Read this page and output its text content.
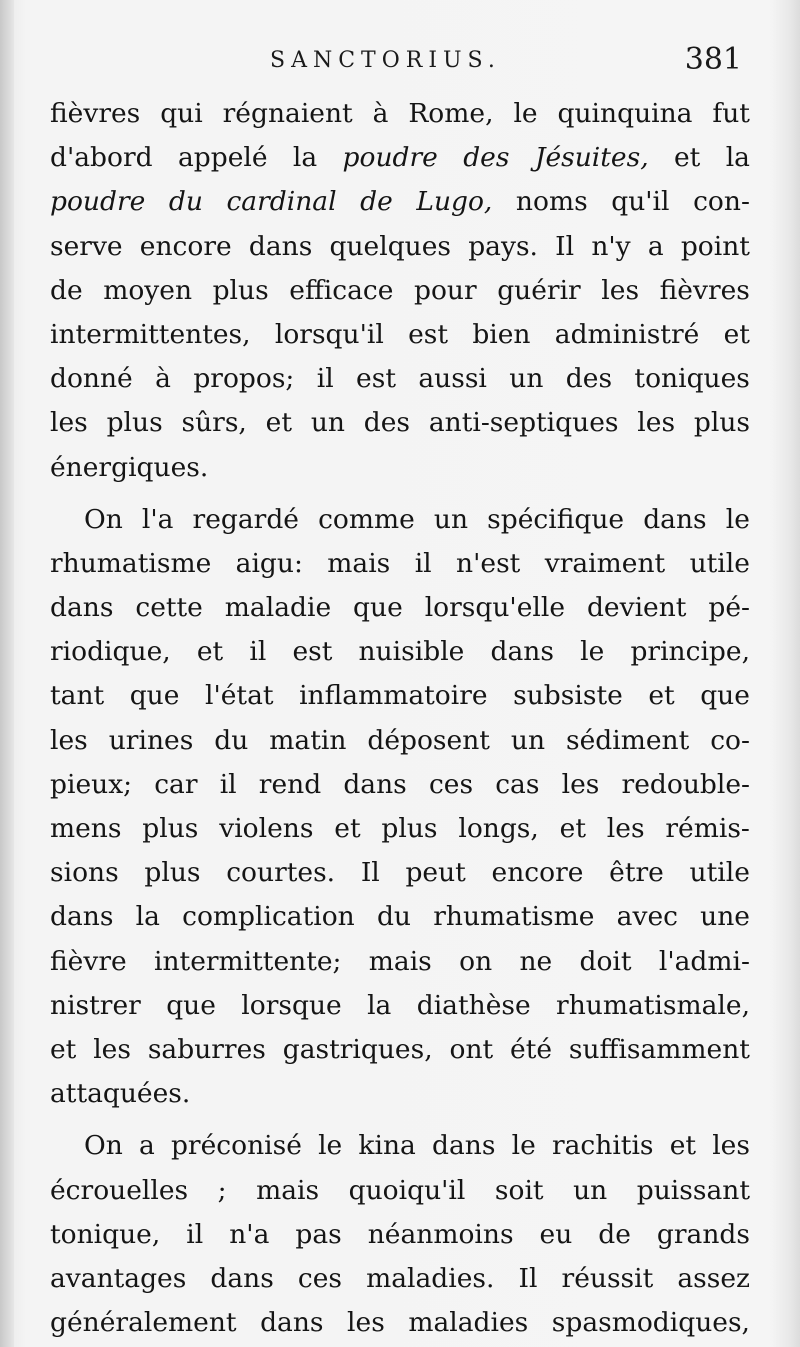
SANCTORIUS.	381
fièvres qui régnaient à Rome, le quinquina fut
d'abord appelé la poudre des Jésuites, et la
poudre du cardinal de Lugo, noms qu'il con-
serve encore dans quelques pays. Il n'y a point
de moyen plus efficace pour guérir les fièvres
intermittentes, lorsqu'il est bien administré et
donné à propos; il est aussi un des toniques
les plus sûrs, et un des anti-septiques les plus
énergiques.
On l'a regardé comme un spécifique dans le
rhumatisme aigu: mais il n'est vraiment utile
dans cette maladie que lorsqu'elle devient pé-
riodique, et il est nuisible dans le principe,
tant que l'état inflammatoire subsiste et que
les urines du matin déposent un sédiment co-
pieux; car il rend dans ces cas les redouble-
mens plus violens et plus longs, et les rémis-
sions plus courtes. Il peut encore être utile
dans la complication du rhumatisme avec une
fièvre intermittente; mais on ne doit l'admi-
nistrer que lorsque la diathèse rhumatismale,
et les saburres gastriques, ont été suffisamment
attaquées.
On a préconisé le kina dans le rachitis et les
écrouelles ; mais quoiqu'il soit un puissant
tonique, il n'a pas néanmoins eu de grands
avantages dans ces maladies. Il réussit assez
généralement dans les maladies spasmodiques,
